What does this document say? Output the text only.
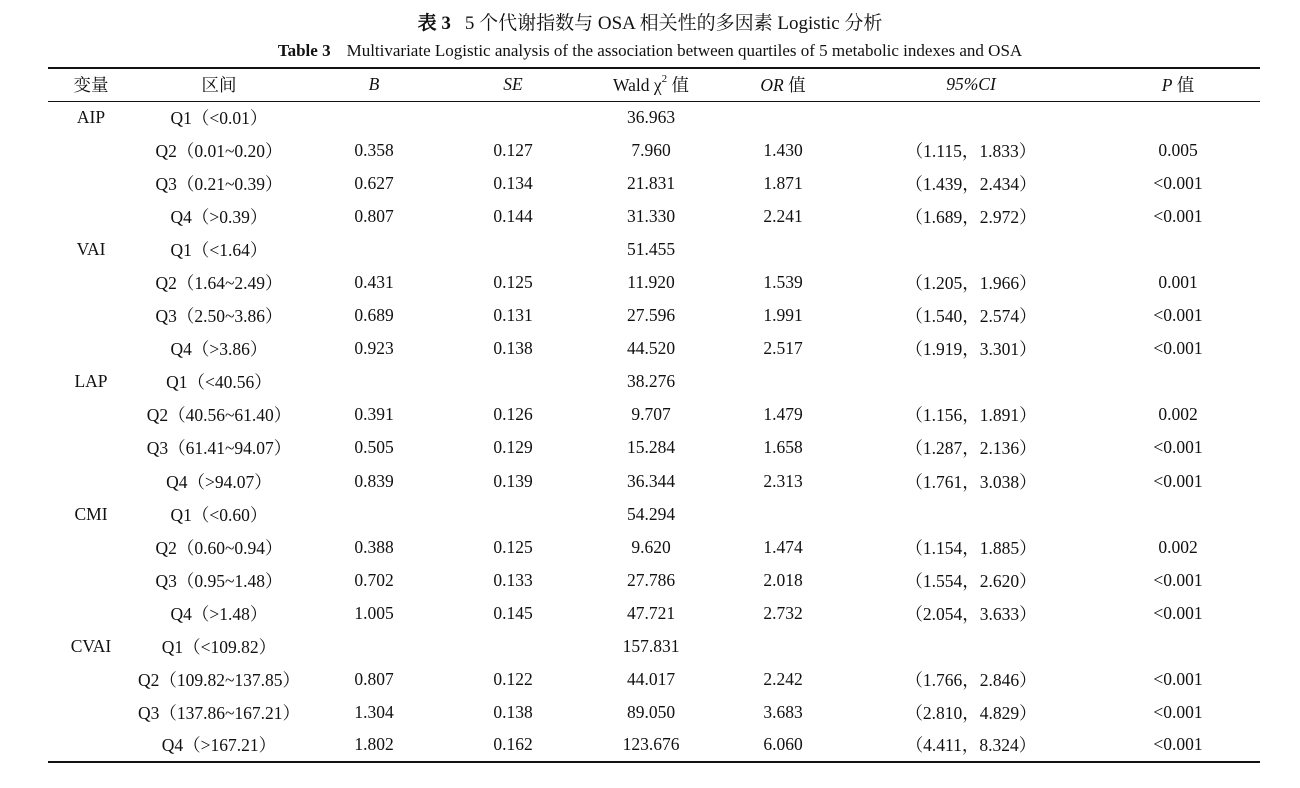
表 3 5 个代谢指数与 OSA 相关性的多因素 Logistic 分析
Table 3 Multivariate Logistic analysis of the association between quartiles of 5 metabolic indexes and OSA
变量	区间	B	SE	Wald $\chi^2$ 值	OR 值	95%CI	P 值
AIP	Q1（<0.01）			36.963			
	Q2（0.01~0.20）	0.358	0.127	7.960	1.430	（1.115，1.833）	0.005
	Q3（0.21~0.39）	0.627	0.134	21.831	1.871	（1.439，2.434）	<0.001
	Q4（>0.39）	0.807	0.144	31.330	2.241	（1.689，2.972）	<0.001
VAI	Q1（<1.64）			51.455			
	Q2（1.64~2.49）	0.431	0.125	11.920	1.539	（1.205，1.966）	0.001
	Q3（2.50~3.86）	0.689	0.131	27.596	1.991	（1.540，2.574）	<0.001
	Q4（>3.86）	0.923	0.138	44.520	2.517	（1.919，3.301）	<0.001
LAP	Q1（<40.56）			38.276			
	Q2（40.56~61.40）	0.391	0.126	9.707	1.479	（1.156，1.891）	0.002
	Q3（61.41~94.07）	0.505	0.129	15.284	1.658	（1.287，2.136）	<0.001
	Q4（>94.07）	0.839	0.139	36.344	2.313	（1.761，3.038）	<0.001
CMI	Q1（<0.60）			54.294			
	Q2（0.60~0.94）	0.388	0.125	9.620	1.474	（1.154，1.885）	0.002
	Q3（0.95~1.48）	0.702	0.133	27.786	2.018	（1.554，2.620）	<0.001
	Q4（>1.48）	1.005	0.145	47.721	2.732	（2.054，3.633）	<0.001
CVAI	Q1（<109.82）			157.831			
	Q2（109.82~137.85）	0.807	0.122	44.017	2.242	（1.766，2.846）	<0.001
	Q3（137.86~167.21）	1.304	0.138	89.050	3.683	（2.810，4.829）	<0.001
	Q4（>167.21）	1.802	0.162	123.676	6.060	（4.411，8.324）	<0.001
